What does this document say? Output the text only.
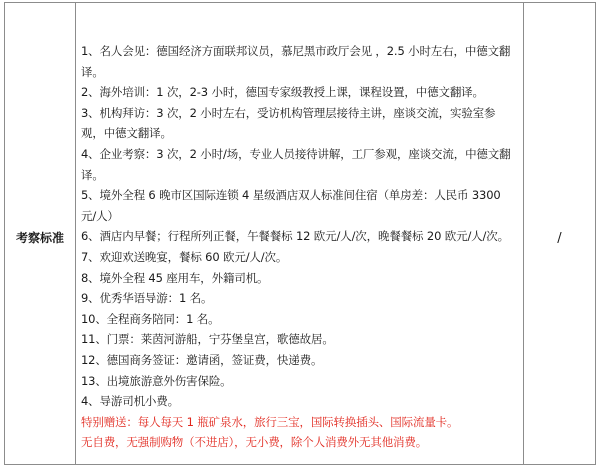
考察标准

1、名人会见：德国经济方面联邦议员，慕尼黑市政厅会见 ，2.5 小时左右，中德文翻译。

2、海外培训：1 次，2-3 小时，德国专家级教授上课，课程设置，中德文翻译。

3、机构拜访：3 次，2 小时左右，受访机构管理层接待主讲，座谈交流，实验室参观，中德文翻译。

4、企业考察：3 次，2 小时/场，专业人员接待讲解，工厂参观，座谈交流，中德文翻译。

5、境外全程 6 晚市区国际连锁 4 星级酒店双人标准间住宿（单房差：人民币 3300 元/人）

6、酒店内早餐；行程所列正餐，午餐餐标 12 欧元/人/次，晚餐餐标 20 欧元/人/次。

7、欢迎欢送晚宴，餐标 60 欧元/人/次。

8、境外全程 45 座用车，外籍司机。

9、优秀华语导游：1 名。

10、全程商务陪同：1 名。

11、门票：莱茵河游船，宁芬堡皇宫，歌德故居。

12、德国商务签证：邀请函，签证费，快递费。

13、出境旅游意外伤害保险。

4、导游司机小费。

特别赠送：每人每天 1 瓶矿泉水，旅行三宝，国际转换插头、国际流量卡。

无自费，无强制购物（不进店），无小费，除个人消费外无其他消费。

/
